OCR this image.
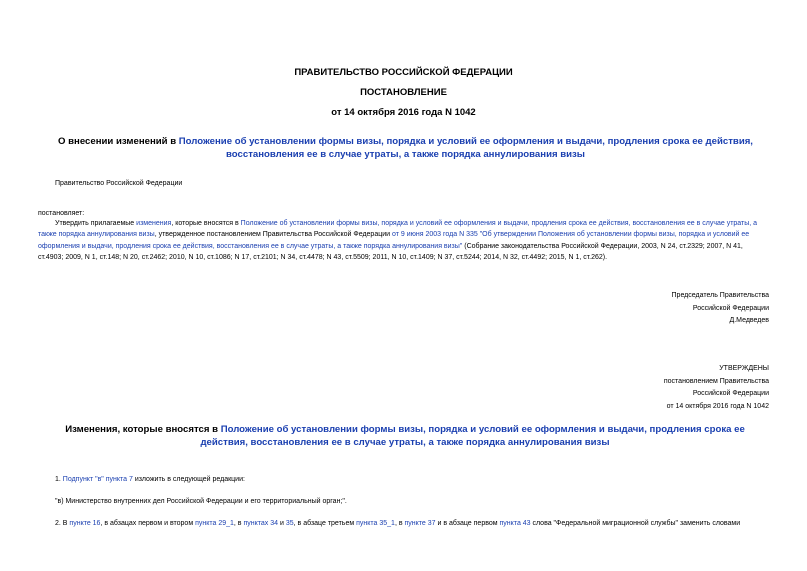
ПРАВИТЕЛЬСТВО РОССИЙСКОЙ ФЕДЕРАЦИИ
ПОСТАНОВЛЕНИЕ
от 14 октября 2016 года N 1042
О внесении изменений в Положение об установлении формы визы, порядка и условий ее оформления и выдачи, продления срока ее действия, восстановления ее в случае утраты, а также порядка аннулирования визы
Правительство Российской Федерации
постановляет:
Утвердить прилагаемые изменения, которые вносятся в Положение об установлении формы визы, порядка и условий ее оформления и выдачи, продления срока ее действия, восстановления ее в случае утраты, а также порядка аннулирования визы, утвержденное постановлением Правительства Российской Федерации от 9 июня 2003 года N 335 "Об утверждении Положения об установлении формы визы, порядка и условий ее оформления и выдачи, продления срока ее действия, восстановления ее в случае утраты, а также порядка аннулирования визы" (Собрание законодательства Российской Федерации, 2003, N 24, ст.2329; 2007, N 41, ст.4903; 2009, N 1, ст.148; N 20, ст.2462; 2010, N 10, ст.1086; N 17, ст.2101; N 34, ст.4478; N 43, ст.5509; 2011, N 10, ст.1409; N 37, ст.5244; 2014, N 32, ст.4492; 2015, N 1, ст.262).
Председатель Правительства
Российской Федерации
Д.Медведев
УТВЕРЖДЕНЫ
постановлением Правительства
Российской Федерации
от 14 октября 2016 года N 1042
Изменения, которые вносятся в Положение об установлении формы визы, порядка и условий ее оформления и выдачи, продления срока ее действия, восстановления ее в случае утраты, а также порядка аннулирования визы
1. Подпункт "в" пункта 7 изложить в следующей редакции:
"в) Министерство внутренних дел Российской Федерации и его территориальный орган;".
2. В пункте 16, в абзацах первом и втором пункта 29_1, в пунктах 34 и 35, в абзаце третьем пункта 35_1, в пункте 37 и в абзаце первом пункта 43 слова "Федеральной миграционной службы" заменить словами
